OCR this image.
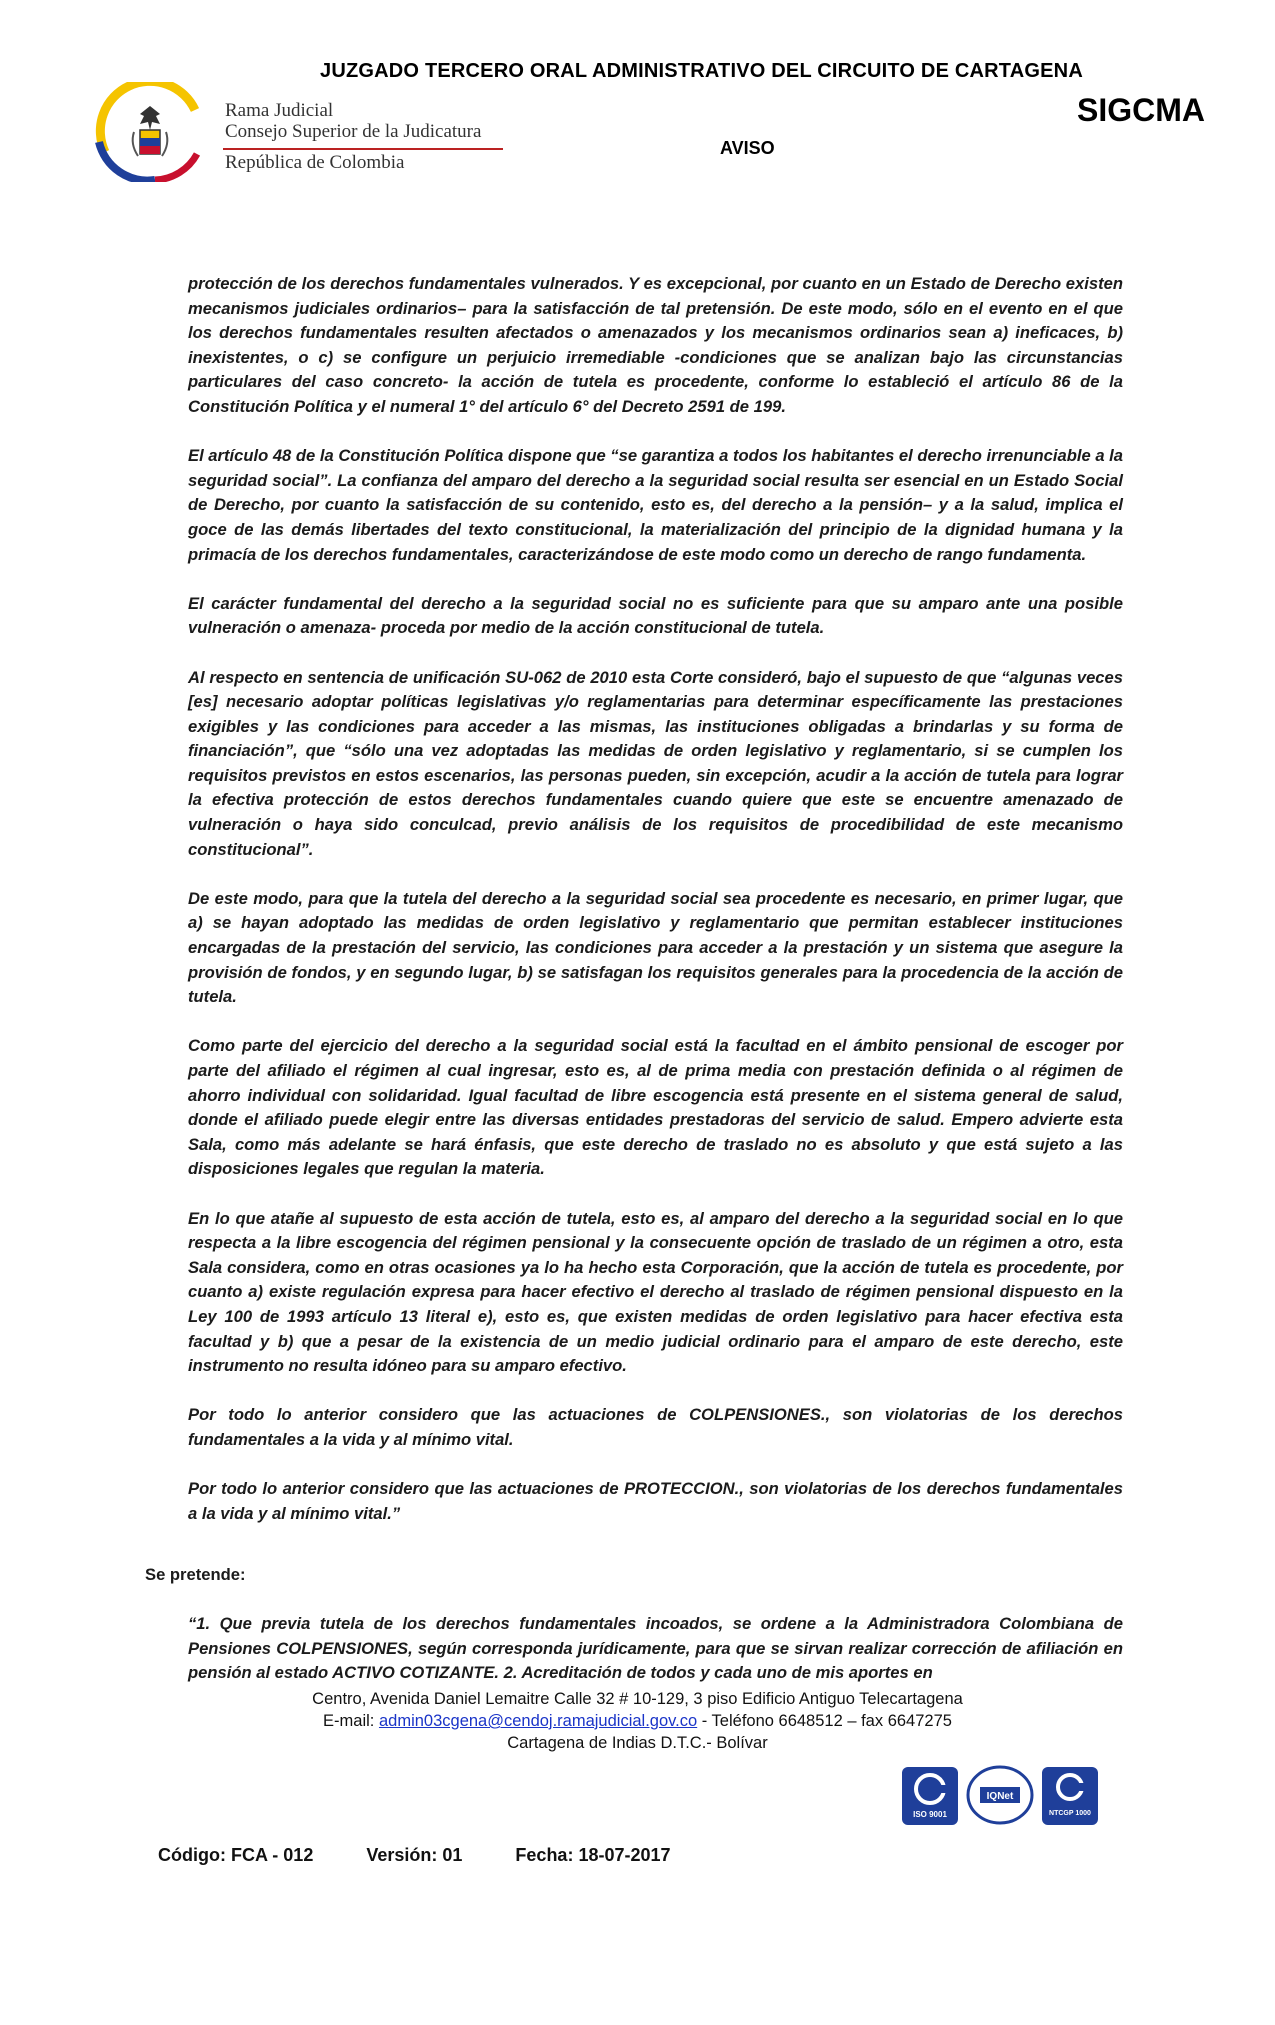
JUZGADO TERCERO ORAL ADMINISTRATIVO DEL CIRCUITO DE CARTAGENA
SIGCMA
AVISO
Rama Judicial
Consejo Superior de la Judicatura
República de Colombia

protección de los derechos fundamentales vulnerados. Y es excepcional, por cuanto en un Estado de Derecho existen mecanismos judiciales ordinarios– para la satisfacción de tal pretensión. De este modo, sólo en el evento en el que los derechos fundamentales resulten afectados o amenazados y los mecanismos ordinarios sean a) ineficaces, b) inexistentes, o c) se configure un perjuicio irremediable -condiciones que se analizan bajo las circunstancias particulares del caso concreto- la acción de tutela es procedente, conforme lo estableció el artículo 86 de la Constitución Política y el numeral 1° del artículo 6° del Decreto 2591 de 199.

El artículo 48 de la Constitución Política dispone que “se garantiza a todos los habitantes el derecho irrenunciable a la seguridad social”. La confianza del amparo del derecho a la seguridad social resulta ser esencial en un Estado Social de Derecho, por cuanto la satisfacción de su contenido, esto es, del derecho a la pensión– y a la salud, implica el goce de las demás libertades del texto constitucional, la materialización del principio de la dignidad humana y la primacía de los derechos fundamentales, caracterizándose de este modo como un derecho de rango fundamenta.

El carácter fundamental del derecho a la seguridad social no es suficiente para que su amparo ante una posible vulneración o amenaza- proceda por medio de la acción constitucional de tutela.

Al respecto en sentencia de unificación SU-062 de 2010 esta Corte consideró, bajo el supuesto de que “algunas veces [es] necesario adoptar políticas legislativas y/o reglamentarias para determinar específicamente las prestaciones exigibles y las condiciones para acceder a las mismas, las instituciones obligadas a brindarlas y su forma de financiación”, que “sólo una vez adoptadas las medidas de orden legislativo y reglamentario, si se cumplen los requisitos previstos en estos escenarios, las personas pueden, sin excepción, acudir a la acción de tutela para lograr la efectiva protección de estos derechos fundamentales cuando quiere que este se encuentre amenazado de vulneración o haya sido conculcad, previo análisis de los requisitos de procedibilidad de este mecanismo constitucional”.

De este modo, para que la tutela del derecho a la seguridad social sea procedente es necesario, en primer lugar, que a) se hayan adoptado las medidas de orden legislativo y reglamentario que permitan establecer instituciones encargadas de la prestación del servicio, las condiciones para acceder a la prestación y un sistema que asegure la provisión de fondos, y en segundo lugar, b) se satisfagan los requisitos generales para la procedencia de la acción de tutela.

Como parte del ejercicio del derecho a la seguridad social está la facultad en el ámbito pensional de escoger por parte del afiliado el régimen al cual ingresar, esto es, al de prima media con prestación definida o al régimen de ahorro individual con solidaridad. Igual facultad de libre escogencia está presente en el sistema general de salud, donde el afiliado puede elegir entre las diversas entidades prestadoras del servicio de salud. Empero advierte esta Sala, como más adelante se hará énfasis, que este derecho de traslado no es absoluto y que está sujeto a las disposiciones legales que regulan la materia.

En lo que atañe al supuesto de esta acción de tutela, esto es, al amparo del derecho a la seguridad social en lo que respecta a la libre escogencia del régimen pensional y la consecuente opción de traslado de un régimen a otro, esta Sala considera, como en otras ocasiones ya lo ha hecho esta Corporación, que la acción de tutela es procedente, por cuanto a) existe regulación expresa para hacer efectivo el derecho al traslado de régimen pensional dispuesto en la Ley 100 de 1993 artículo 13 literal e), esto es, que existen medidas de orden legislativo para hacer efectiva esta facultad y b) que a pesar de la existencia de un medio judicial ordinario para el amparo de este derecho, este instrumento no resulta idóneo para su amparo efectivo.

Por todo lo anterior considero que las actuaciones de COLPENSIONES., son violatorias de los derechos fundamentales a la vida y al mínimo vital.

Por todo lo anterior considero que las actuaciones de PROTECCION., son violatorias de los derechos fundamentales a la vida y al mínimo vital.”

Se pretende:
“1. Que previa tutela de los derechos fundamentales incoados, se ordene a la Administradora Colombiana de Pensiones COLPENSIONES, según corresponda jurídicamente, para que se sirvan realizar corrección de afiliación en pensión al estado ACTIVO COTIZANTE. 2. Acreditación de todos y cada uno de mis aportes en
Centro, Avenida Daniel Lemaitre Calle 32 # 10-129, 3 piso Edificio Antiguo Telecartagena
E-mail: admin03cgena@cendoj.ramajudicial.gov.co - Teléfono 6648512 – fax 6647275
Cartagena de Indias D.T.C.- Bolívar
ISO 9001
IQNet
NTCGP 1000
Código: FCA - 012	Versión: 01	Fecha: 18-07-2017
